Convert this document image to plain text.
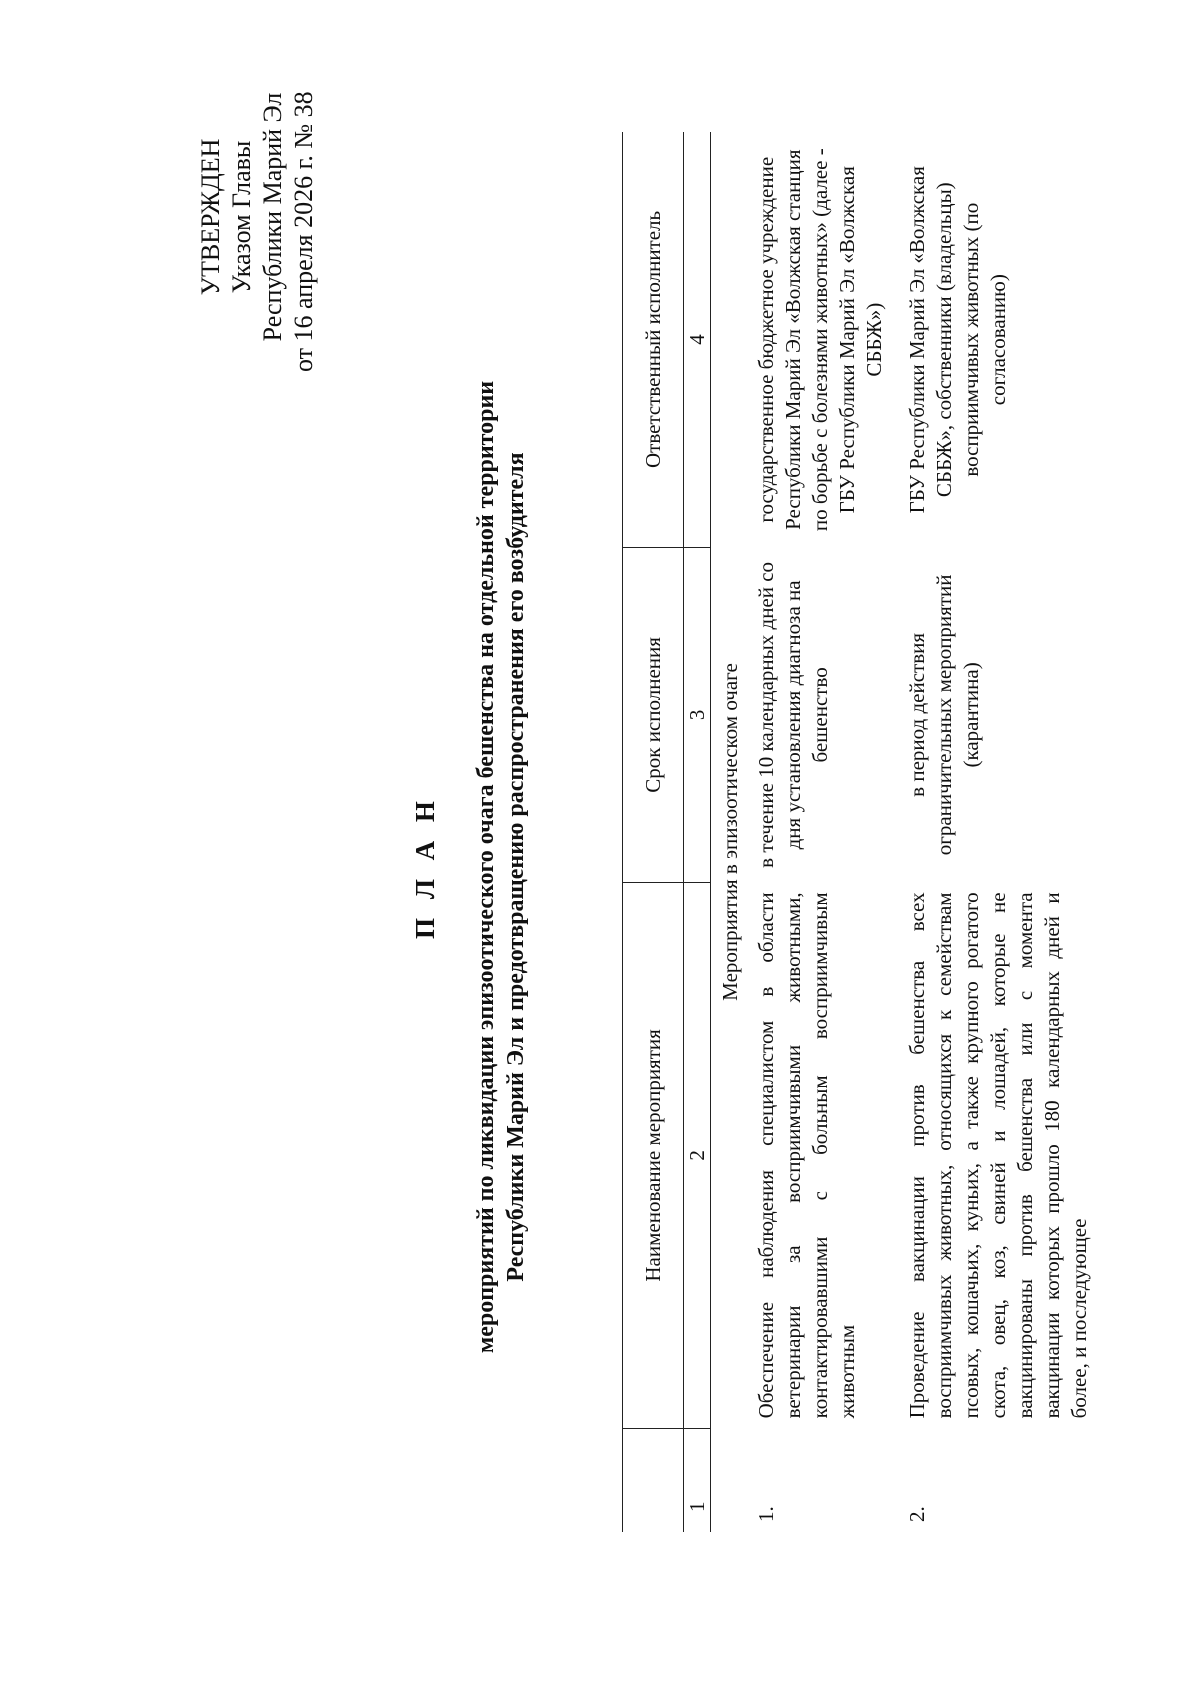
УТВЕРЖДЕН Указом Главы Республики Марий Эл от 16 апреля 2026 г. № 38
П Л А Н мероприятий по ликвидации эпизоотического очага бешенства на отдельной территории Республики Марий Эл и предотвращению распространения его возбудителя
		Наименование мероприятия	Срок исполнения	Ответственный исполнитель
1	2	3	4
Мероприятия в эпизоотическом очаге			
1.	Обеспечение наблюдения специалистом в области ветеринарии за восприимчивыми животными, контактировавшими с больным восприимчивым животным	в течение 10 календарных дней со дня установления диагноза на бешенство	государственное бюджетное учреждение Республики Марий Эл «Волжская станция по борьбе с болезнями животных» (далее - ГБУ Республики Марий Эл «Волжская СББЖ»)
2.	Проведение вакцинации против бешенства всех восприимчивых животных, относящихся к семействам псовых, кошачьих, куньих, а также крупного рогатого скота, овец, коз, свиней и лошадей, которые не вакцинированы против бешенства или с момента вакцинации которых прошло 180 календарных дней и более, и последующее	в период действия ограничительных мероприятий (карантина)	ГБУ Республики Марий Эл «Волжская СББЖ», собственники (владельцы) восприимчивых животных (по согласованию)
